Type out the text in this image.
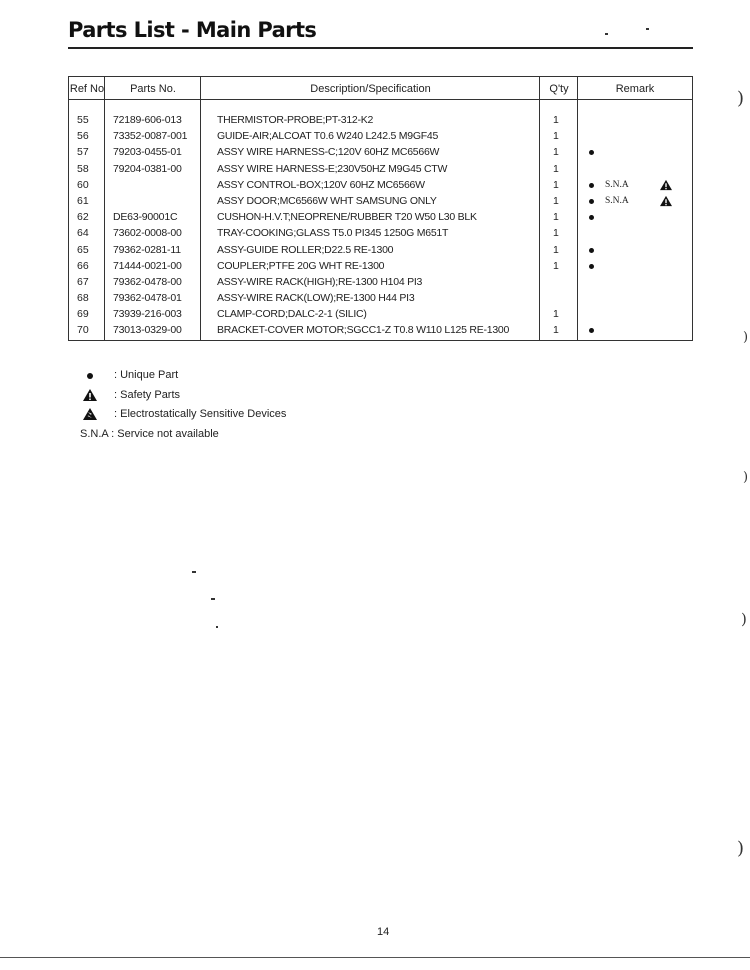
Parts List - Main Parts
Ref No	Parts No.	Description/Specification	Q'ty	Remark
55 72189-606-013	THERMISTOR-PROBE;PT-312-K2	1
56 73352-0087-001	GUIDE-AIR;ALCOAT T0.6 W240 L242.5 M9GF45	1
57 79203-0455-01	ASSY WIRE HARNESS-C;120V 60HZ MC6566W	1
58 79204-0381-00	ASSY WIRE HARNESS-E;230V50HZ M9G45 CTW	1
60	ASSY CONTROL-BOX;120V 60HZ MC6566W	1	S.N.A
61	ASSY DOOR;MC6566W WHT SAMSUNG ONLY	1	S.N.A
62 DE63-90001C	CUSHON-H.V.T;NEOPRENE/RUBBER T20 W50 L30 BLK	1
64 73602-0008-00	TRAY-COOKING;GLASS T5.0 PI345 1250G M651T	1
65 79362-0281-11	ASSY-GUIDE ROLLER;D22.5 RE-1300	1
66 71444-0021-00	COUPLER;PTFE 20G WHT RE-1300	1
67 79362-0478-00	ASSY-WIRE RACK(HIGH);RE-1300 H104 PI3
68 79362-0478-01	ASSY-WIRE RACK(LOW);RE-1300 H44 PI3
69 73939-216-003	CLAMP-CORD;DALC-2-1 (SILIC)	1
70 73013-0329-00	BRACKET-COVER MOTOR;SGCC1-Z T0.8 W110 L125 RE-1300	1
: Unique Part
: Safety Parts
: Electrostatically Sensitive Devices
S.N.A : Service not available
)
)
)
)
)
14
